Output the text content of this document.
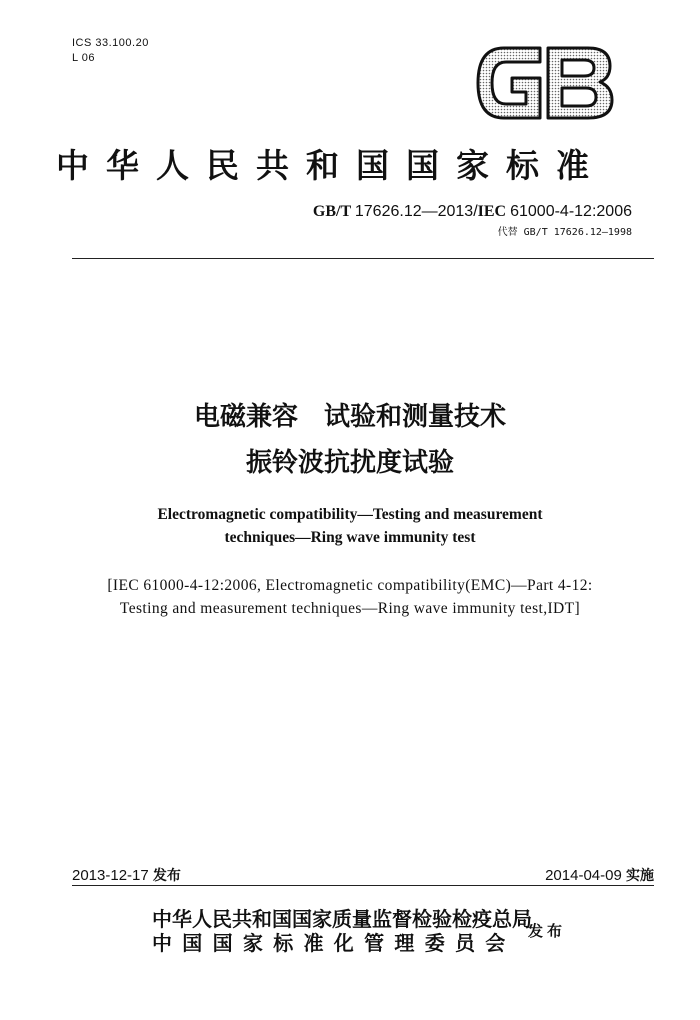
ICS 33.100.20
L 06
中华人民共和国国家标准
GB/T 17626.12—2013/IEC 61000-4-12:2006
代替 GB/T 17626.12—1998
电磁兼容　试验和测量技术
振铃波抗扰度试验
Electromagnetic compatibility—Testing and measurement
techniques—Ring wave immunity test
[IEC 61000-4-12:2006, Electromagnetic compatibility(EMC)—Part 4-12:
Testing and measurement techniques—Ring wave immunity test,IDT]
2013-12-17 发布	2014-04-09 实施
中华人民共和国国家质量监督检验检疫总局
中国国家标准化管理委员会 发布
